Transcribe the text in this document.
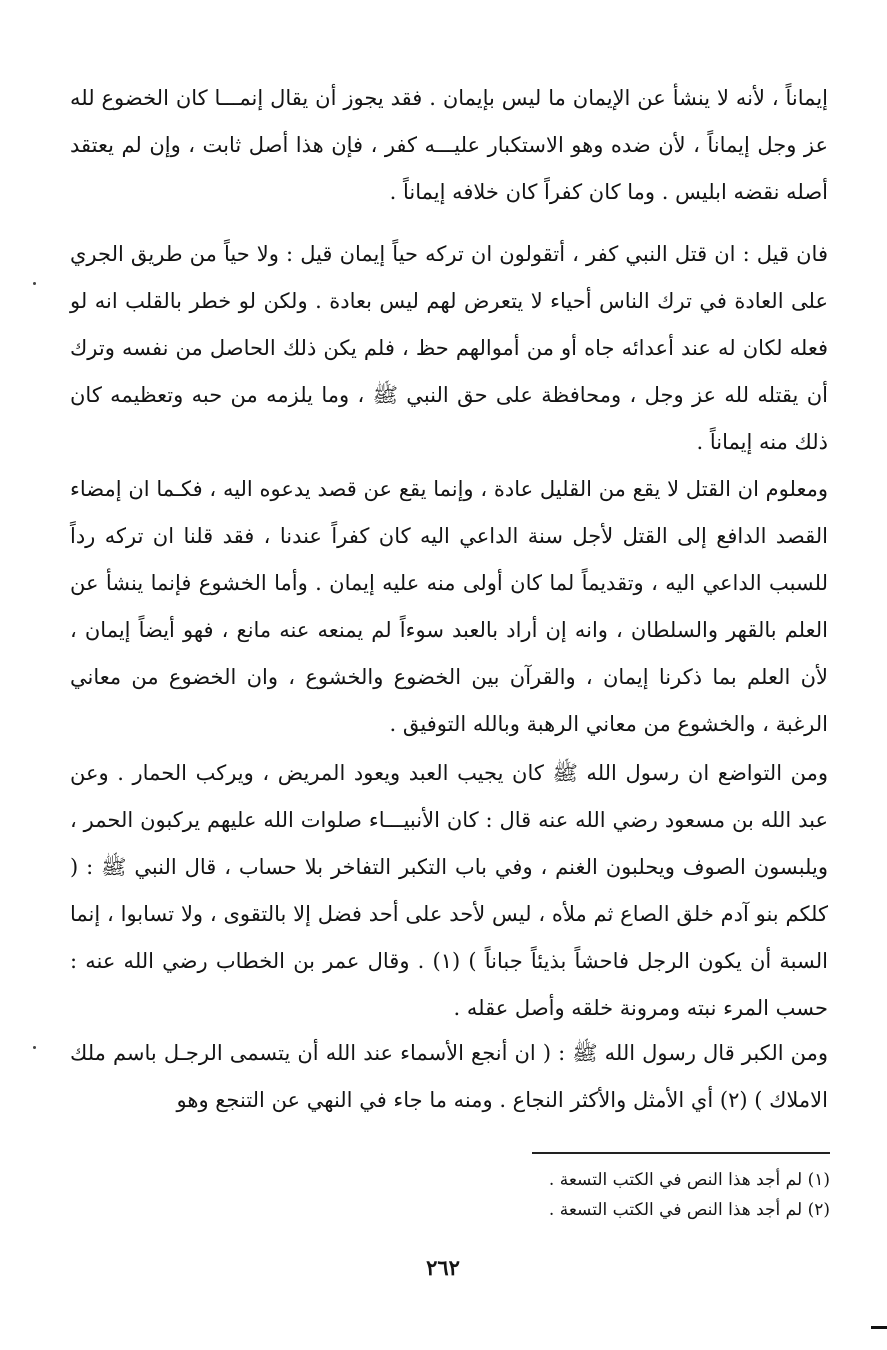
إيماناً ، لأنه لا ينشأ عن الإيمان ما ليس بإيمان . فقد يجوز أن يقال إنمـــا كان الخضوع لله عز وجل إيماناً ، لأن ضده وهو الاستكبار عليـــه كفر ، فإن هذا أصل ثابت ، وإن لم يعتقد أصله نقضه ابليس . وما كان كفراً كان خلافه إيماناً .

فان قيل : ان قتل النبي كفر ، أتقولون ان تركه حياً إيمان قيل : ولا حياً من طريق الجري على العادة في ترك الناس أحياء لا يتعرض لهم ليس بعادة . ولكن لو خطر بالقلب انه لو فعله لكان له عند أعدائه جاه أو من أموالهم حظ ، فلم يكن ذلك الحاصل من نفسه وترك أن يقتله لله عز وجل ، ومحافظة على حق النبي ﷺ ، وما يلزمه من حبه وتعظيمه كان ذلك منه إيماناً .

ومعلوم ان القتل لا يقع من القليل عادة ، وإنما يقع عن قصد يدعوه اليه ، فكـما ان إمضاء القصد الدافع إلى القتل لأجل سنة الداعي اليه كان كفراً عندنا ، فقد قلنا ان تركه رداً للسبب الداعي اليه ، وتقديماً لما كان أولى منه عليه إيمان . وأما الخشوع فإنما ينشأ عن العلم بالقهر والسلطان ، وانه إن أراد بالعبد سوءاً لم يمنعه عنه مانع ، فهو أيضاً إيمان ، لأن العلم بما ذكرنا إيمان ، والقرآن بين الخضوع والخشوع ، وان الخضوع من معاني الرغبة ، والخشوع من معاني الرهبة وبالله التوفيق .

ومن التواضع ان رسول الله ﷺ كان يجيب العبد ويعود المريض ، ويركب الحمار . وعن عبد الله بن مسعود رضي الله عنه قال : كان الأنبيـــاء صلوات الله عليهم يركبون الحمر ، ويلبسون الصوف ويحلبون الغنم ، وفي باب التكبر التفاخر بلا حساب ، قال النبي ﷺ : ( كلكم بنو آدم خلق الصاع ثم ملأه ، ليس لأحد على أحد فضل إلا بالتقوى ، ولا تسابوا ، إنما السبة أن يكون الرجل فاحشاً بذيئاً جباناً ) (١) . وقال عمر بن الخطاب رضي الله عنه : حسب المرء نبته ومرونة خلقه وأصل عقله .

ومن الكبر قال رسول الله ﷺ : ( ان أنجع الأسماء عند الله أن يتسمى الرجـل باسم ملك الاملاك ) (٢) أي الأمثل والأكثر النجاع . ومنه ما جاء في النهي عن التنجع وهو

(١) لم أجد هذا النص في الكتب التسعة .

(٢) لم أجد هذا النص في الكتب التسعة .

٢٦٢
